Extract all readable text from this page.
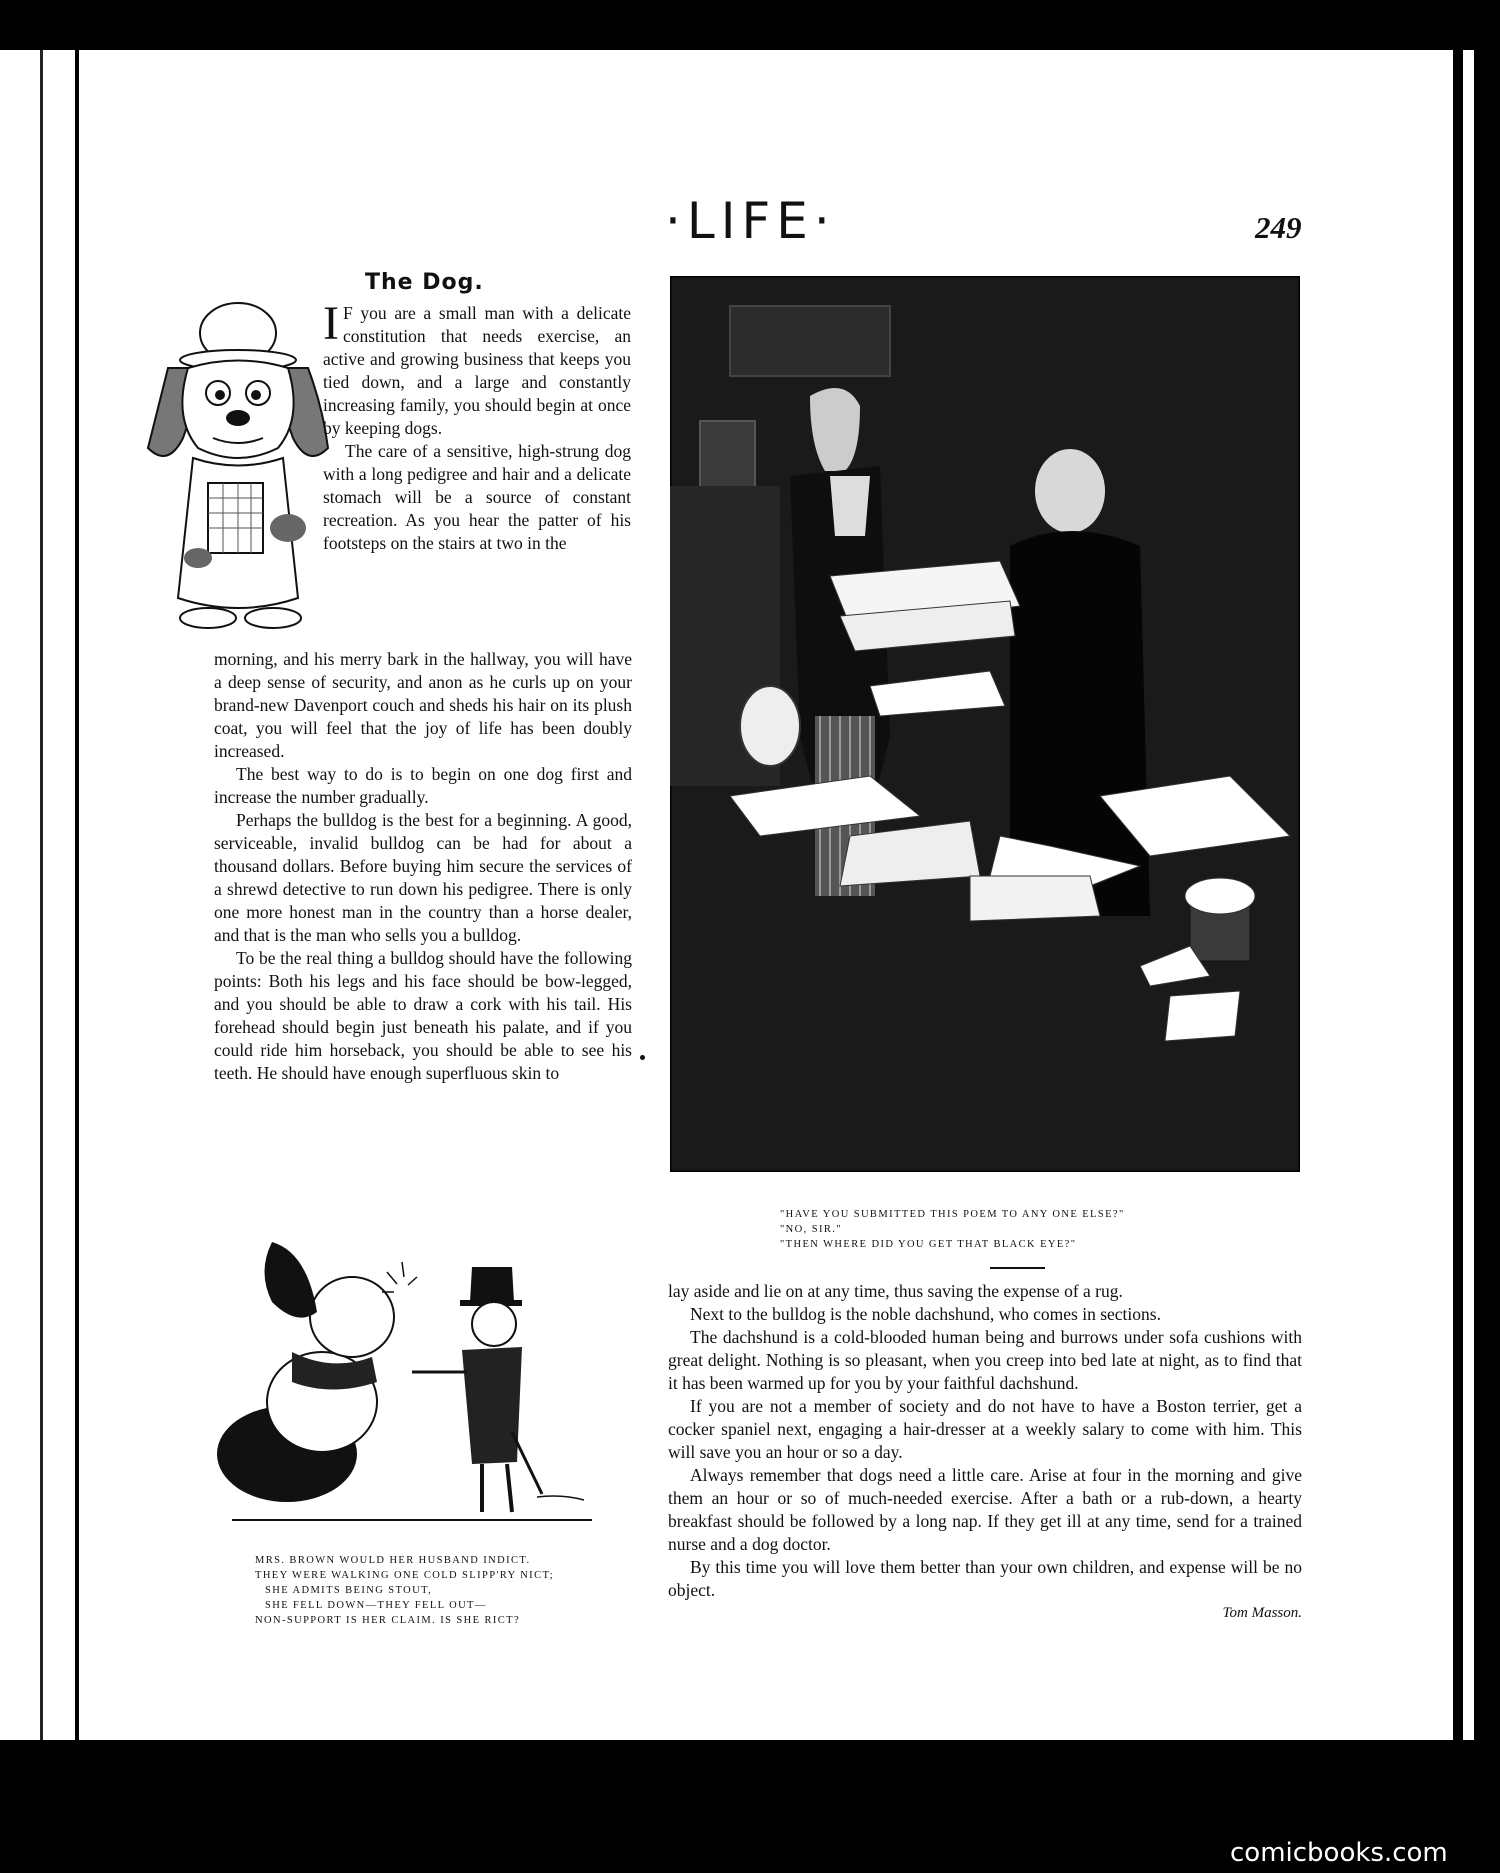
·LIFE·	249
The Dog.

I F you are a small man with a delicate constitution that needs exercise, an active and growing business that keeps you tied down, and a large and constantly increasing family, you should begin at once by keeping dogs.

The care of a sensitive, high-strung dog with a long pedigree and hair and a delicate stomach will be a source of constant recreation. As you hear the patter of his footsteps on the stairs at two in the

morning, and his merry bark in the hallway, you will have a deep sense of security, and anon as he curls up on your brand-new Davenport couch and sheds his hair on its plush coat, you will feel that the joy of life has been doubly increased.

The best way to do is to begin on one dog first and increase the number gradually.

Perhaps the bulldog is the best for a beginning. A good, serviceable, invalid bulldog can be had for about a thousand dollars. Before buying him secure the services of a shrewd detective to run down his pedigree. There is only one more honest man in the country than a horse dealer, and that is the man who sells you a bulldog.

To be the real thing a bulldog should have the following points: Both his legs and his face should be bow-legged, and you should be able to draw a cork with his tail. His forehead should begin just beneath his palate, and if you could ride him horseback, you should be able to see his teeth. He should have enough superfluous skin to

"HAVE YOU SUBMITTED THIS POEM TO ANY ONE ELSE?"
"NO, SIR."
"THEN WHERE DID YOU GET THAT BLACK EYE?"
MRS. BROWN WOULD HER HUSBAND INDICT.
THEY WERE WALKING ONE COLD SLIPP'RY NICT;
SHE ADMITS BEING STOUT,
SHE FELL DOWN—THEY FELL OUT—
NON-SUPPORT IS HER CLAIM. IS SHE RICT?

lay aside and lie on at any time, thus saving the expense of a rug.

Next to the bulldog is the noble dachshund, who comes in sections.

The dachshund is a cold-blooded human being and burrows under sofa cushions with great delight. Nothing is so pleasant, when you creep into bed late at night, as to find that it has been warmed up for you by your faithful dachshund.

If you are not a member of society and do not have to have a Boston terrier, get a cocker spaniel next, engaging a hair-dresser at a weekly salary to come with him. This will save you an hour or so a day.

Always remember that dogs need a little care. Arise at four in the morning and give them an hour or so of much-needed exercise. After a bath or a rub-down, a hearty breakfast should be followed by a long nap. If they get ill at any time, send for a trained nurse and a dog doctor.

By this time you will love them better than your own children, and expense will be no object.

Tom Masson.
comicbooks.com
